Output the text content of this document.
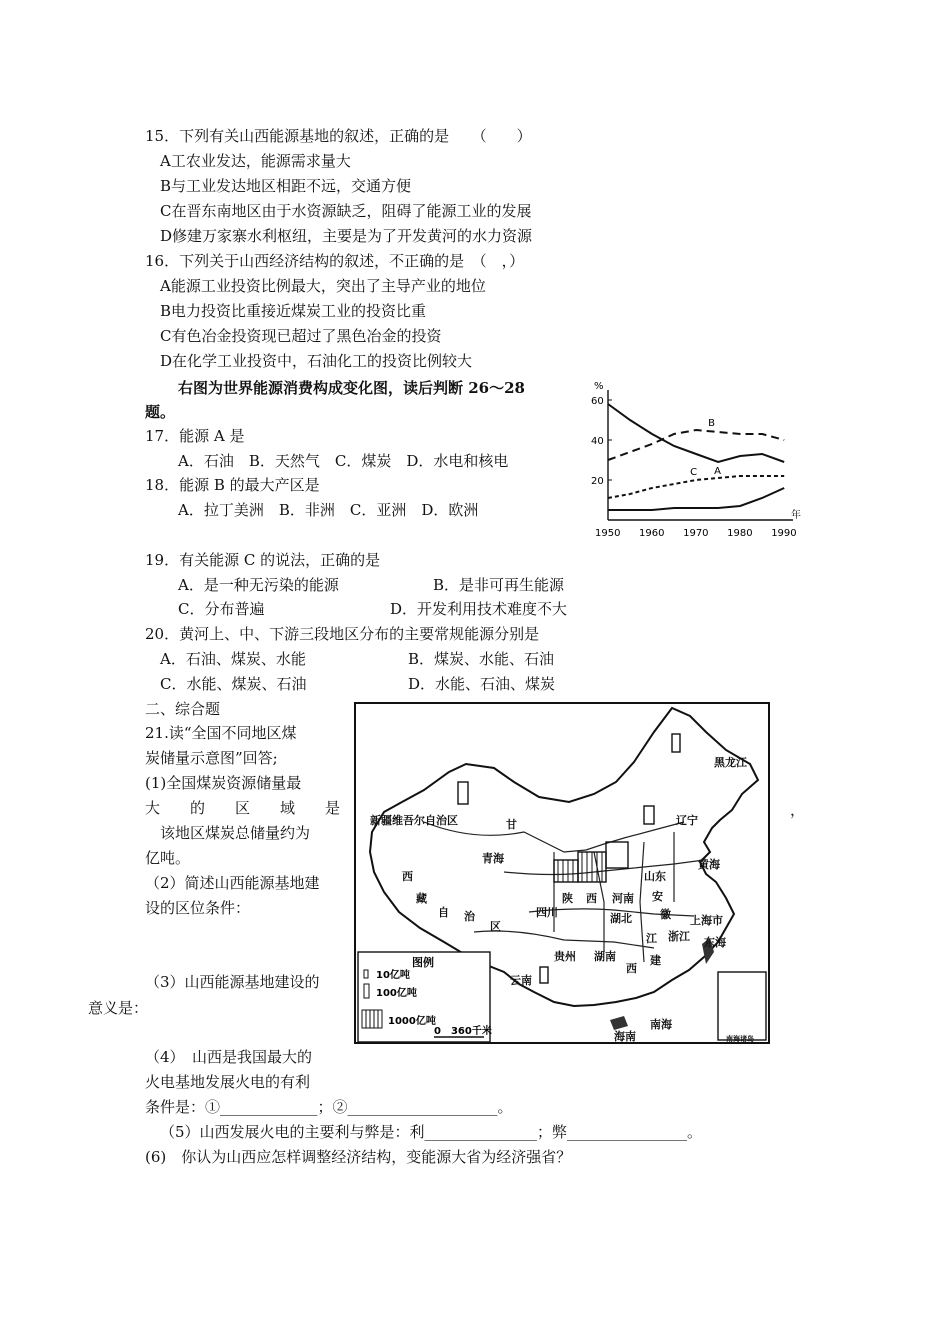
15．下列有关山西能源基地的叙述，正确的是　　（　　）
A工农业发达，能源需求量大
B与工业发达地区相距不远，交通方便
C在晋东南地区由于水资源缺乏，阻碍了能源工业的发展
D修建万家寨水利枢纽，主要是为了开发黄河的水力资源
16．下列关于山西经济结构的叙述，不正确的是　（　，）
A能源工业投资比例最大，突出了主导产业的地位
B电力投资比重接近煤炭工业的投资比重
C有色冶金投资现已超过了黑色冶金的投资
D在化学工业投资中，石油化工的投资比例较大
右图为世界能源消费构成变化图，读后判断 26～28
题。
17．能源 A 是
A．石油　B．天然气　C．煤炭　D．水电和核电
18．能源 B 的最大产区是
A．拉丁美洲　B．非洲　C．亚洲　D．欧洲
19．有关能源 C 的说法，正确的是
A．是一种无污染的能源	B．是非可再生能源
C．分布普遍	D．开发利用技术难度不大
20．黄河上、中、下游三段地区分布的主要常规能源分别是
A．石油、煤炭、水能	B．煤炭、水能、石油
C．水能、煤炭、石油	D．水能、石油、煤炭
二、综合题
21.读“全国不同地区煤
炭储量示意图”回答;
(1)全国煤炭资源储量最
大　　的　　区　　域　　是	，
　该地区煤炭总储量约为
亿吨。
（2）简述山西能源基地建
设的区位条件：
（3）山西能源基地建设的
意义是：
（4）　山西是我国最大的
火电基地发展火电的有利
条件是：①_____________；②____________________。
（5）山西发展火电的主要利与弊是：利_______________；弊________________。
(6)　你认为山西应怎样调整经济结构，变能源大省为经济强省？
%
年
20
40
60
1950 1960 1970 1980 1990
A
B
C
黑龙江
新疆维吾尔自治区	甘	辽宁
青海	黄海
西
藏
自 治
区
山东
陕 西 河南 安
四川	湖北	徽 上海市
江 浙江 东海
贵州 湖南
西
建
云南
海南
南海
南海诸岛
图例
10亿吨
100亿吨
1000亿吨
0　360千米
